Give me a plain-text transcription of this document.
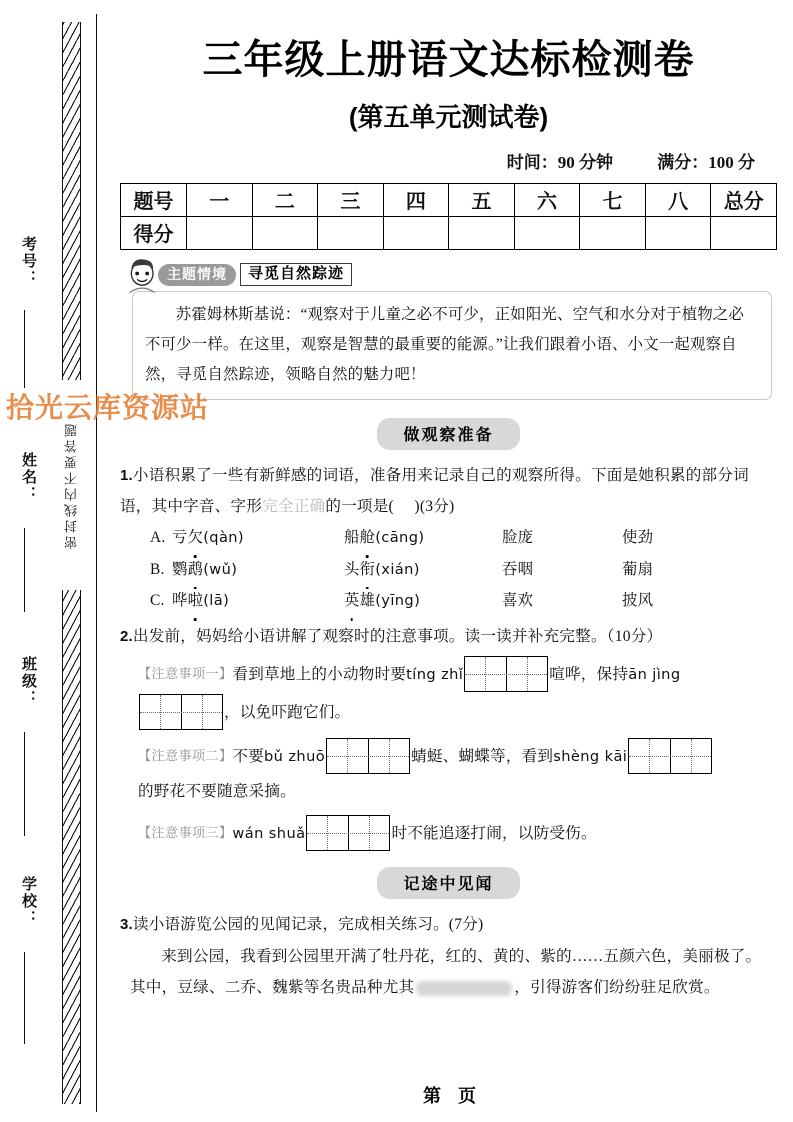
考号：
姓名：
班级：
学校：
密封线内不要答题
三年级上册语文达标检测卷
(第五单元测试卷)
时间：90 分钟	满分：100 分
题号	一	二	三	四	五	六	七	八	总分
得分									
主题情境	寻觅自然踪迹
苏霍姆林斯基说：“观察对于儿童之必不可少，正如阳光、空气和水分对于植物之必不可少一样。在这里，观察是智慧的最重要的能源。”让我们跟着小语、小文一起观察自然，寻觅自然踪迹，领略自然的魅力吧！
做观察准备
1.小语积累了一些有新鲜感的词语，准备用来记录自己的观察所得。下面是她积累的部分词语，其中字音、字形完全正确的一项是( )(3分)
A. 亏欠(qàn)	船舱(cāng)	脸庞	使劲
B. 鹦鹉(wǔ)	头衔(xián)	吞咽	葡扇
C. 哗啦(lā)	英雄(yīng)	喜欢	披风
2.出发前，妈妈给小语讲解了观察时的注意事项。读一读并补充完整。（10分）
【注意事项一】 看到草地上的小动物时要 tíng zhǐ	喧哗，保持 ān jìng
，以免吓跑它们。
【注意事项二】 不要 bǔ zhuō	蜻蜓、蝴蝶等，看到 shèng kāi
的野花不要随意采摘。
【注意事项三】 wán shuǎ	时不能追逐打闹，以防受伤。
记途中见闻
3.读小语游览公园的见闻记录，完成相关练习。(7分)
来到公园，我看到公园里开满了牡丹花，红的、黄的、紫的……五颜六色，美丽极了。其中，豆绿、二乔、魏紫等名贵品种尤其	，引得游客们纷纷驻足欣赏。
第 页
拾光云库资源站
